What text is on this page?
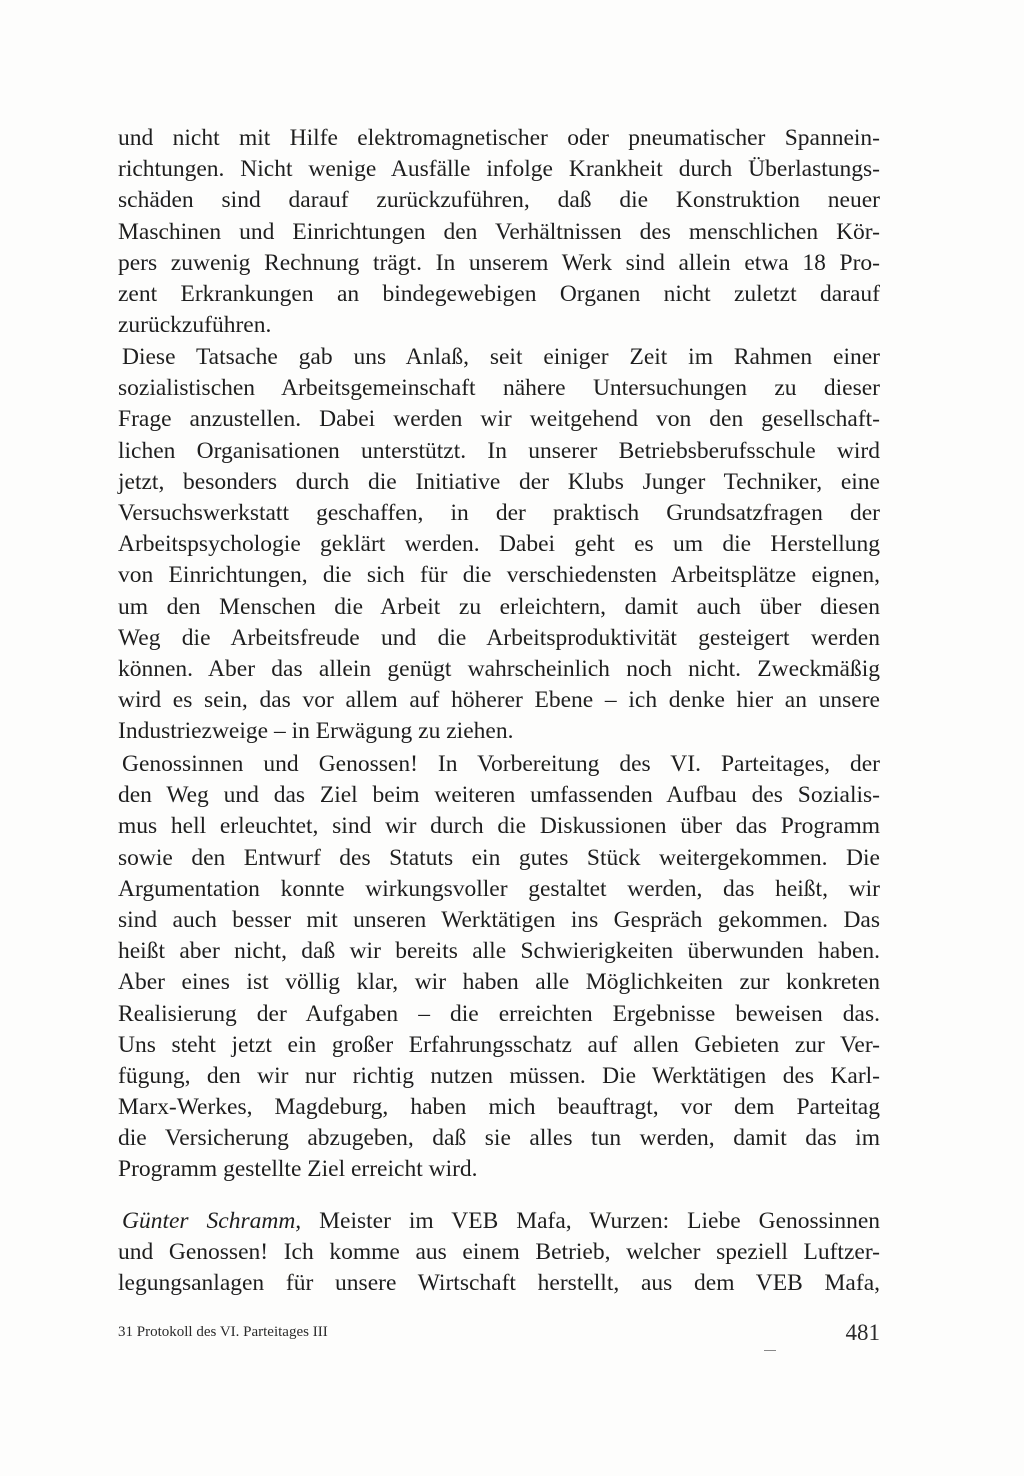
und nicht mit Hilfe elektromagnetischer oder pneumatischer Spannein-
richtungen. Nicht wenige Ausfälle infolge Krankheit durch Überlastungs-
schäden sind darauf zurückzuführen, daß die Konstruktion neuer
Maschinen und Einrichtungen den Verhältnissen des menschlichen Kör-
pers zuwenig Rechnung trägt. In unserem Werk sind allein etwa 18 Pro-
zent Erkrankungen an bindegewebigen Organen nicht zuletzt darauf
zurückzuführen.
Diese Tatsache gab uns Anlaß, seit einiger Zeit im Rahmen einer
sozialistischen Arbeitsgemeinschaft nähere Untersuchungen zu dieser
Frage anzustellen. Dabei werden wir weitgehend von den gesellschaft-
lichen Organisationen unterstützt. In unserer Betriebsberufsschule wird
jetzt, besonders durch die Initiative der Klubs Junger Techniker, eine
Versuchswerkstatt geschaffen, in der praktisch Grundsatzfragen der
Arbeitspsychologie geklärt werden. Dabei geht es um die Herstellung
von Einrichtungen, die sich für die verschiedensten Arbeitsplätze eignen,
um den Menschen die Arbeit zu erleichtern, damit auch über diesen
Weg die Arbeitsfreude und die Arbeitsproduktivität gesteigert werden
können. Aber das allein genügt wahrscheinlich noch nicht. Zweckmäßig
wird es sein, das vor allem auf höherer Ebene – ich denke hier an unsere
Industriezweige – in Erwägung zu ziehen.
Genossinnen und Genossen! In Vorbereitung des VI. Parteitages, der
den Weg und das Ziel beim weiteren umfassenden Aufbau des Sozialis-
mus hell erleuchtet, sind wir durch die Diskussionen über das Programm
sowie den Entwurf des Statuts ein gutes Stück weitergekommen. Die
Argumentation konnte wirkungsvoller gestaltet werden, das heißt, wir
sind auch besser mit unseren Werktätigen ins Gespräch gekommen. Das
heißt aber nicht, daß wir bereits alle Schwierigkeiten überwunden haben.
Aber eines ist völlig klar, wir haben alle Möglichkeiten zur konkreten
Realisierung der Aufgaben – die erreichten Ergebnisse beweisen das.
Uns steht jetzt ein großer Erfahrungsschatz auf allen Gebieten zur Ver-
fügung, den wir nur richtig nutzen müssen. Die Werktätigen des Karl-
Marx-Werkes, Magdeburg, haben mich beauftragt, vor dem Parteitag
die Versicherung abzugeben, daß sie alles tun werden, damit das im
Programm gestellte Ziel erreicht wird.
Günter Schramm, Meister im VEB Mafa, Wurzen: Liebe Genossinnen
und Genossen! Ich komme aus einem Betrieb, welcher speziell Luftzer-
legungsanlagen für unsere Wirtschaft herstellt, aus dem VEB Mafa,
31 Protokoll des VI. Parteitages III	481
